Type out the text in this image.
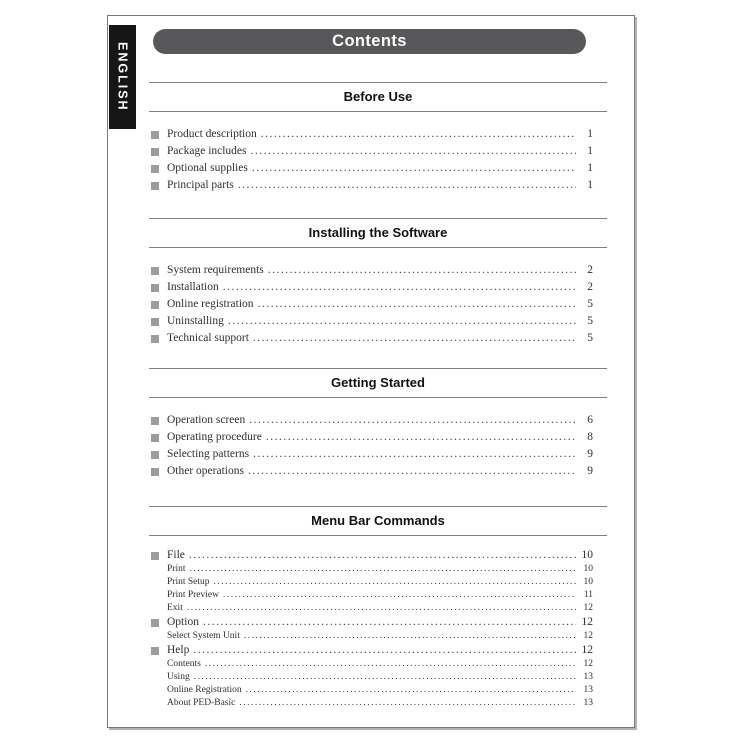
ENGLISH
Contents
Before Use
Product description .....	1
Package includes .....	1
Optional supplies .....	1
Principal parts .....	1
Installing the Software
System requirements .....	2
Installation .....	2
Online registration .....	5
Uninstalling .....	5
Technical support .....	5
Getting Started
Operation screen .....	6
Operating procedure .....	8
Selecting patterns .....	9
Other operations .....	9
Menu Bar Commands
File .....	10
Print .....	10
Print Setup .....	10
Print Preview .....	11
Exit .....	12
Option .....	12
Select System Unit .....	12
Help .....	12
Contents .....	12
Using .....	13
Online Registration .....	13
About PED-Basic .....	13
